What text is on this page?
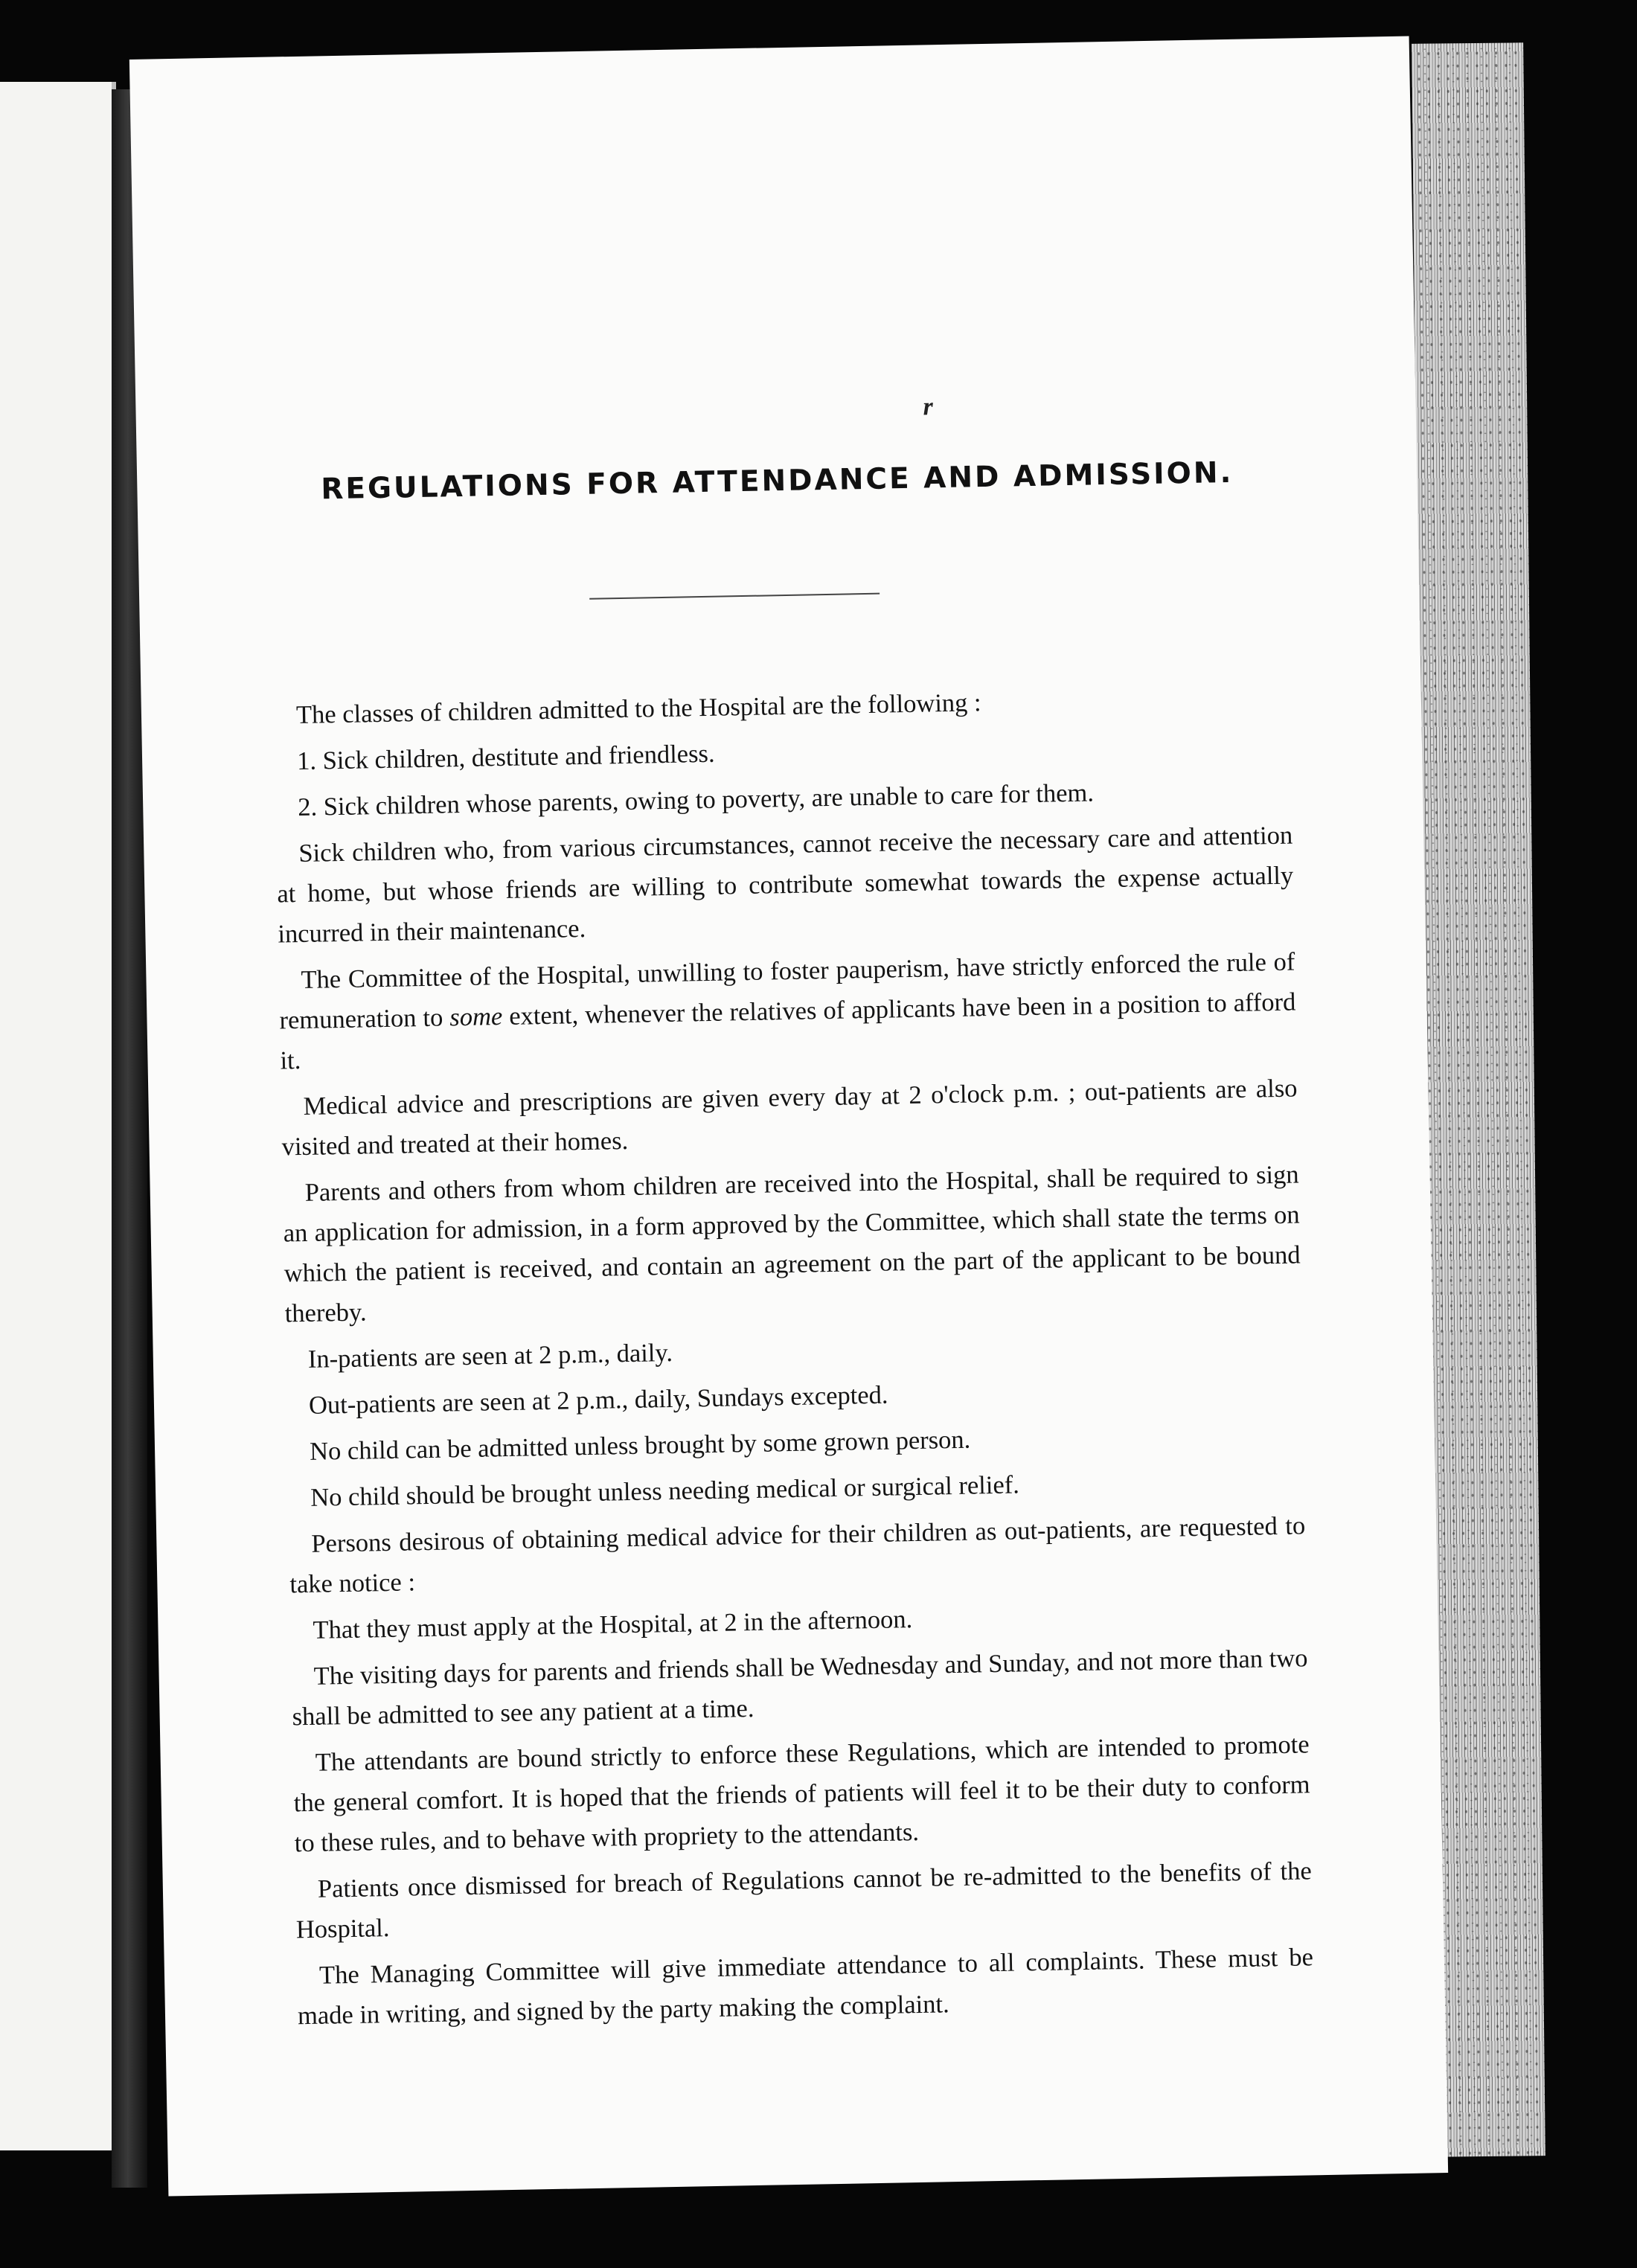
r
REGULATIONS FOR ATTENDANCE AND ADMISSION.

The classes of children admitted to the Hospital are the following :

1. Sick children, destitute and friendless.

2. Sick children whose parents, owing to poverty, are unable to care for them.

Sick children who, from various circumstances, cannot receive the necessary care and attention at home, but whose friends are willing to contribute somewhat towards the expense actually incurred in their maintenance.

The Committee of the Hospital, unwilling to foster pauperism, have strictly enforced the rule of remuneration to some extent, whenever the relatives of applicants have been in a position to afford it.

Medical advice and prescriptions are given every day at 2 o'clock p.m. ; out-patients are also visited and treated at their homes.

Parents and others from whom children are received into the Hospital, shall be required to sign an application for admission, in a form approved by the Committee, which shall state the terms on which the patient is received, and contain an agreement on the part of the applicant to be bound thereby.

In-patients are seen at 2 p.m., daily.

Out-patients are seen at 2 p.m., daily, Sundays excepted.

No child can be admitted unless brought by some grown person.

No child should be brought unless needing medical or surgical relief.

Persons desirous of obtaining medical advice for their children as out-patients, are requested to take notice :

That they must apply at the Hospital, at 2 in the afternoon.

The visiting days for parents and friends shall be Wednesday and Sunday, and not more than two shall be admitted to see any patient at a time.

The attendants are bound strictly to enforce these Regulations, which are intended to promote the general comfort. It is hoped that the friends of patients will feel it to be their duty to conform to these rules, and to behave with propriety to the attendants.

Patients once dismissed for breach of Regulations cannot be re-admitted to the benefits of the Hospital.

The Managing Committee will give immediate attendance to all complaints. These must be made in writing, and signed by the party making the complaint.
